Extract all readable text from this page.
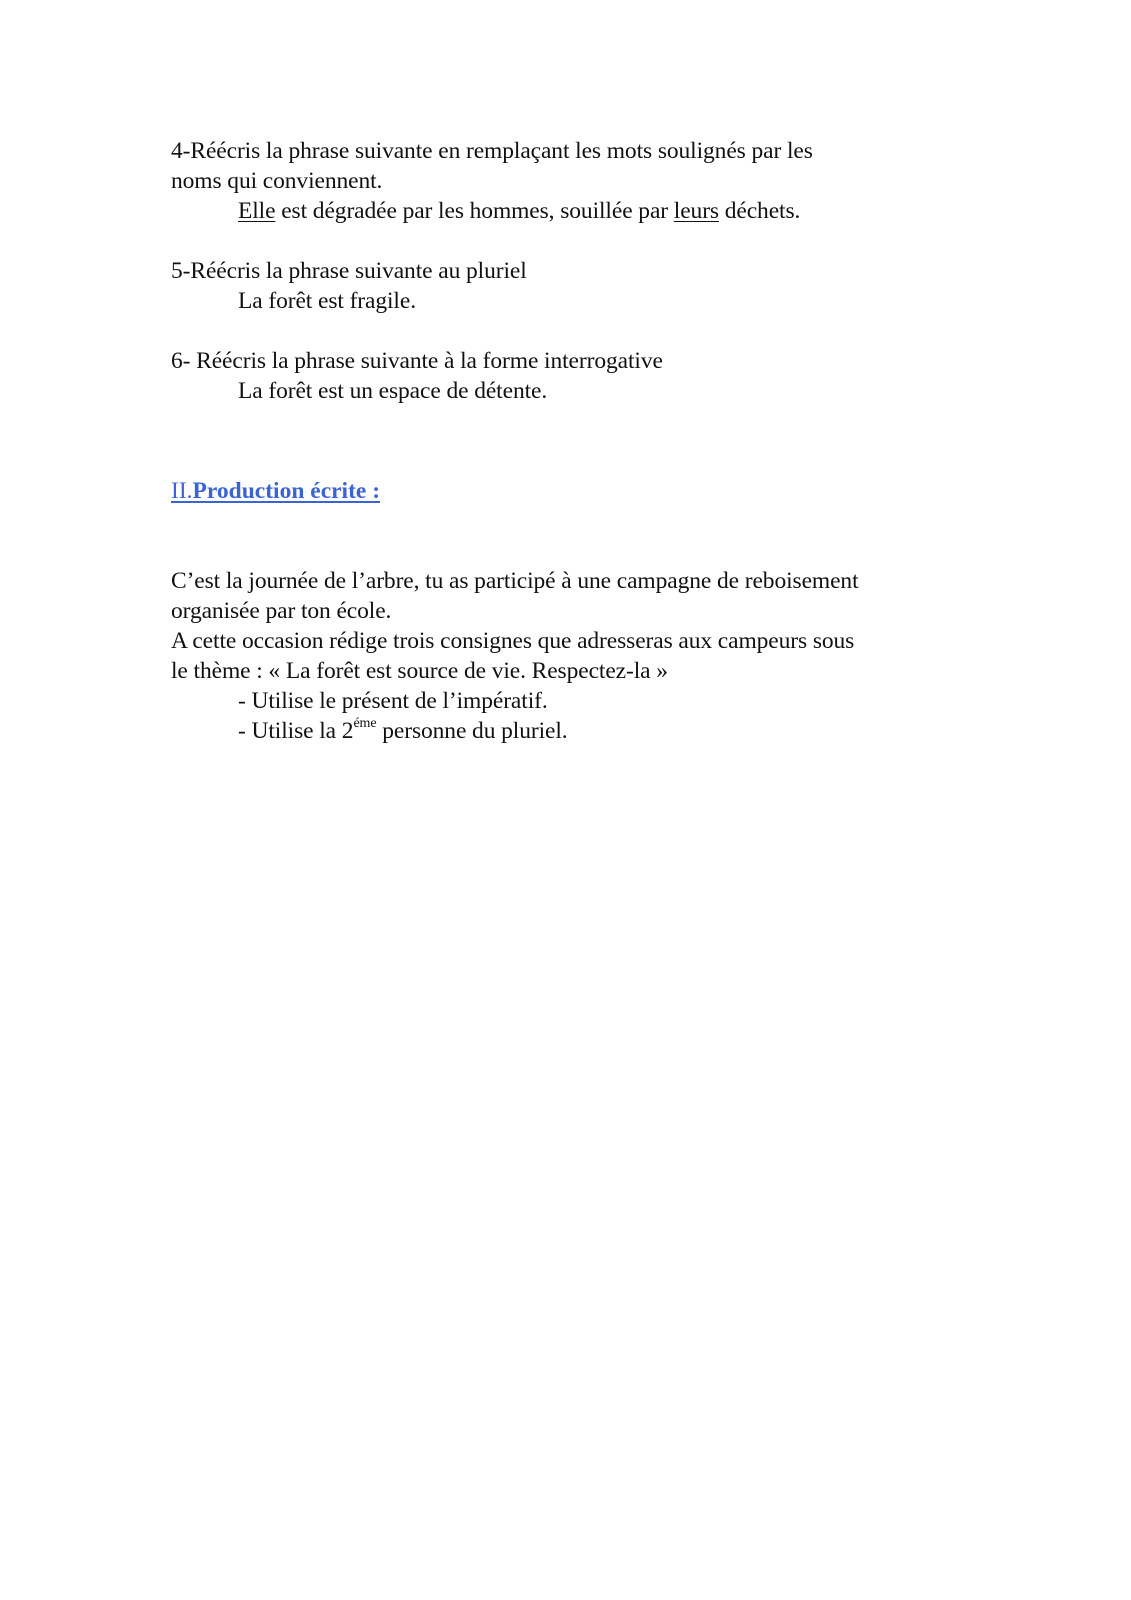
4-Réécris la phrase suivante en remplaçant les mots soulignés par les
noms qui conviennent.
Elle est dégradée par les hommes, souillée par leurs déchets.
5-Réécris la phrase suivante au pluriel
La forêt est fragile.
6- Réécris la phrase suivante à la forme interrogative
La forêt est un espace de détente.
II.Production écrite :
C’est la journée de l’arbre, tu as participé à une campagne de reboisement
organisée par ton école.
A cette occasion rédige trois consignes que adresseras aux campeurs sous
le thème : « La forêt est source de vie. Respectez-la »
- Utilise le présent de l’impératif.
- Utilise la $2^{éme}$ personne du pluriel.
